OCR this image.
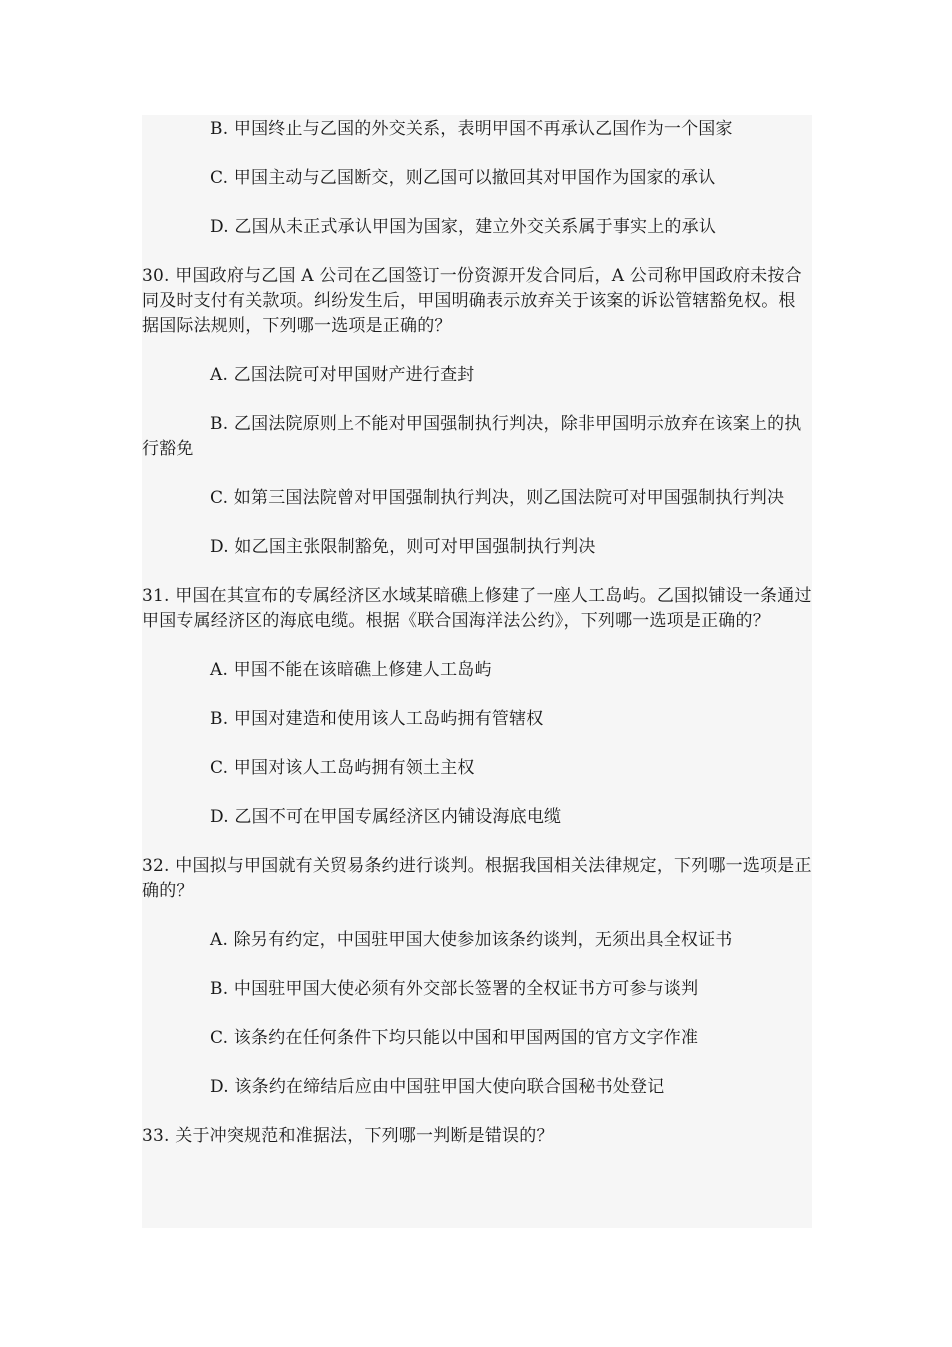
B. 甲国终止与乙国的外交关系，表明甲国不再承认乙国作为一个国家

C. 甲国主动与乙国断交，则乙国可以撤回其对甲国作为国家的承认

D. 乙国从未正式承认甲国为国家，建立外交关系属于事实上的承认

30. 甲国政府与乙国 A 公司在乙国签订一份资源开发合同后，A 公司称甲国政府未按合同及时支付有关款项。纠纷发生后，甲国明确表示放弃关于该案的诉讼管辖豁免权。根据国际法规则，下列哪一选项是正确的？

A. 乙国法院可对甲国财产进行查封

B. 乙国法院原则上不能对甲国强制执行判决，除非甲国明示放弃在该案上的执行豁免

C. 如第三国法院曾对甲国强制执行判决，则乙国法院可对甲国强制执行判决

D. 如乙国主张限制豁免，则可对甲国强制执行判决

31. 甲国在其宣布的专属经济区水域某暗礁上修建了一座人工岛屿。乙国拟铺设一条通过甲国专属经济区的海底电缆。根据《联合国海洋法公约》，下列哪一选项是正确的？

A. 甲国不能在该暗礁上修建人工岛屿

B. 甲国对建造和使用该人工岛屿拥有管辖权

C. 甲国对该人工岛屿拥有领土主权

D. 乙国不可在甲国专属经济区内铺设海底电缆

32. 中国拟与甲国就有关贸易条约进行谈判。根据我国相关法律规定，下列哪一选项是正确的？

A. 除另有约定，中国驻甲国大使参加该条约谈判，无须出具全权证书

B. 中国驻甲国大使必须有外交部长签署的全权证书方可参与谈判

C. 该条约在任何条件下均只能以中国和甲国两国的官方文字作准

D. 该条约在缔结后应由中国驻甲国大使向联合国秘书处登记

33. 关于冲突规范和准据法，下列哪一判断是错误的？
